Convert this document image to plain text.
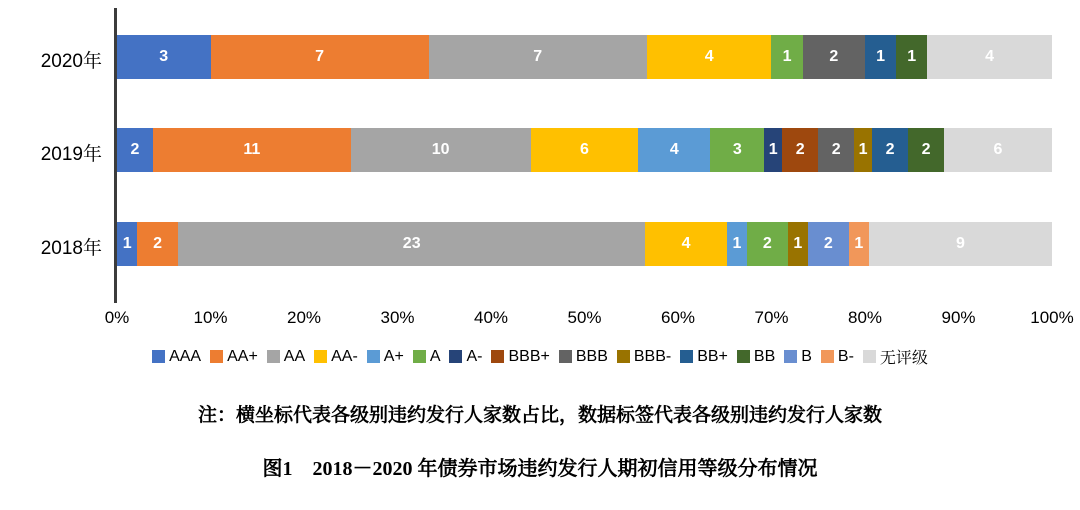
2020年
2019年
2018年
3	7	7	4	1	2	1	1	4
2	11	10	6	4	3	1	2	2	1	2	2	6
1	2	23	4	1	2	1	2	1	9
0%	10%	20%	30%	40%	50%	60%	70%	80%	90%	100%
AAA AA+ AA AA- A+ A A- BBB+ BBB BBB- BB+ BB B B- 无评级
注：横坐标代表各级别违约发行人家数占比，数据标签代表各级别违约发行人家数
图1　2018－2020 年债券市场违约发行人期初信用等级分布情况
